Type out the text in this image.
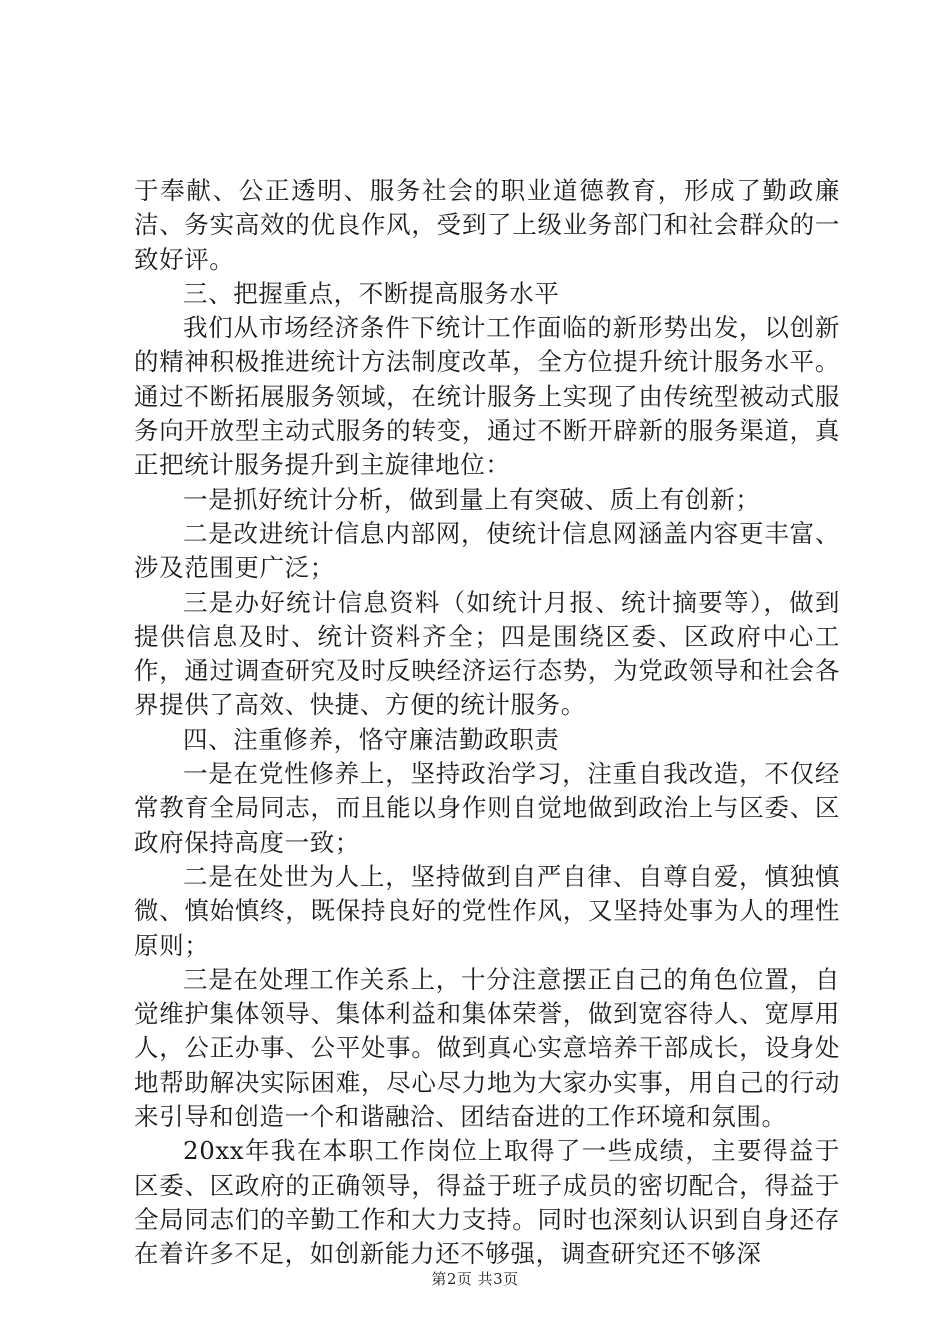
于奉献、公正透明、服务社会的职业道德教育，形成了勤政廉洁、务实高效的优良作风，受到了上级业务部门和社会群众的一致好评。

三、把握重点，不断提高服务水平

我们从市场经济条件下统计工作面临的新形势出发，以创新的精神积极推进统计方法制度改革，全方位提升统计服务水平。通过不断拓展服务领域，在统计服务上实现了由传统型被动式服务向开放型主动式服务的转变，通过不断开辟新的服务渠道，真正把统计服务提升到主旋律地位：

一是抓好统计分析，做到量上有突破、质上有创新；

二是改进统计信息内部网，使统计信息网涵盖内容更丰富、涉及范围更广泛；

三是办好统计信息资料（如统计月报、统计摘要等），做到提供信息及时、统计资料齐全；四是围绕区委、区政府中心工作，通过调查研究及时反映经济运行态势，为党政领导和社会各界提供了高效、快捷、方便的统计服务。

四、注重修养，恪守廉洁勤政职责

一是在党性修养上，坚持政治学习，注重自我改造，不仅经常教育全局同志，而且能以身作则自觉地做到政治上与区委、区政府保持高度一致；

二是在处世为人上，坚持做到自严自律、自尊自爱，慎独慎微、慎始慎终，既保持良好的党性作风，又坚持处事为人的理性原则；

三是在处理工作关系上，十分注意摆正自己的角色位置，自觉维护集体领导、集体利益和集体荣誉，做到宽容待人、宽厚用人，公正办事、公平处事。做到真心实意培养干部成长，设身处地帮助解决实际困难，尽心尽力地为大家办实事，用自己的行动来引导和创造一个和谐融洽、团结奋进的工作环境和氛围。

20xx年我在本职工作岗位上取得了一些成绩，主要得益于区委、区政府的正确领导，得益于班子成员的密切配合，得益于全局同志们的辛勤工作和大力支持。同时也深刻认识到自身还存在着许多不足，如创新能力还不够强，调查研究还不够深

第2页 共3页
